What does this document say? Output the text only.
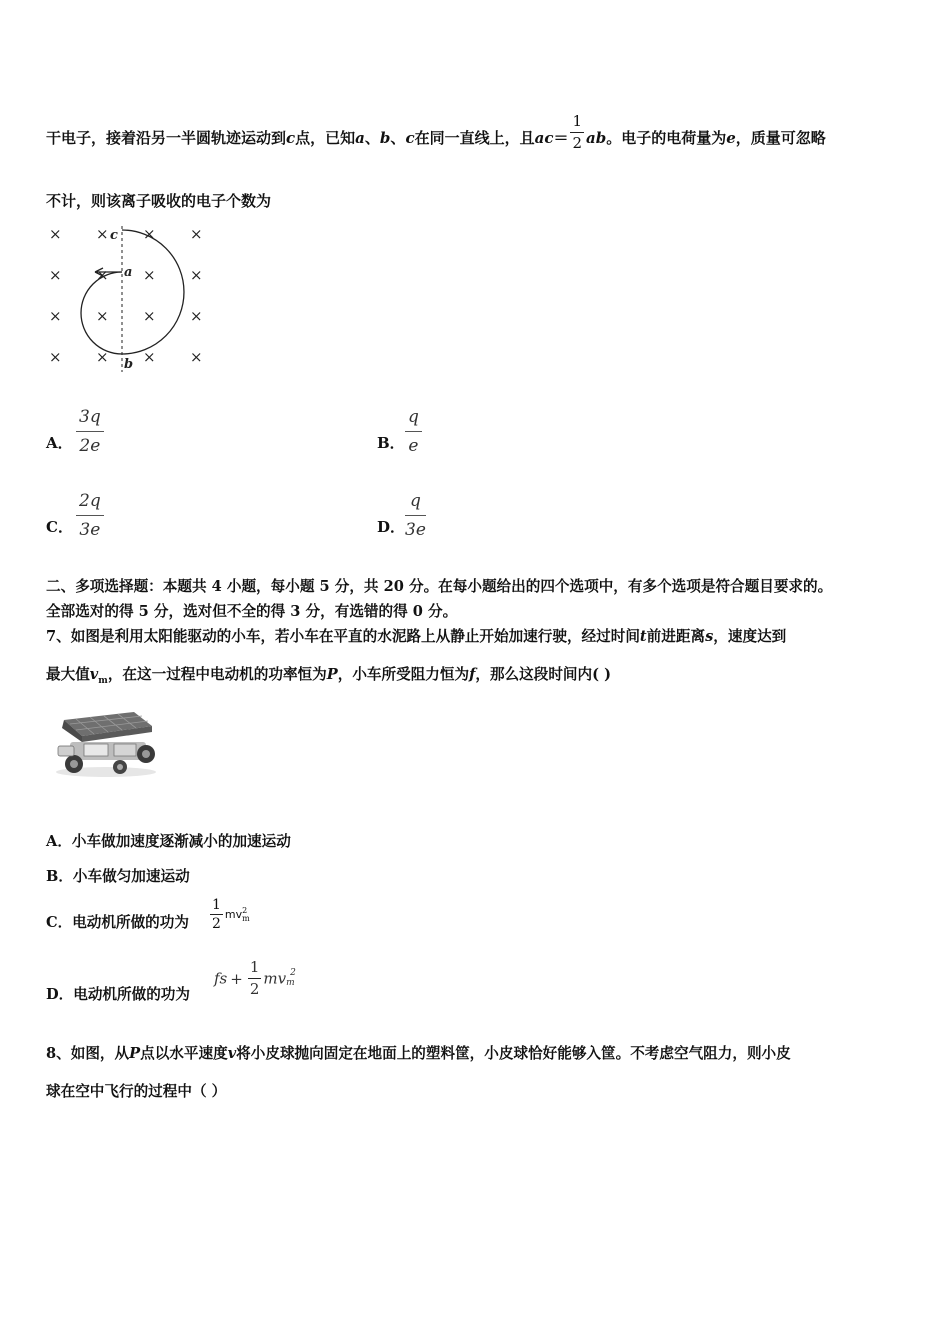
干电子，接着沿另一半圆轨迹运动到c点，已知a、b、c在同一直线上，且$ac= \frac{1}{2}$ ab。电子的电荷量为e，质量可忽略
不计，则该离子吸收的电子个数为
× × × ×
× × × ×
× × × ×
× × × ×
c
a
b
A． $\frac{3q}{2e}$	B． $\frac{q}{e}$
C． $\frac{2q}{3e}$	D． $\frac{q}{3e}$
二、多项选择题：本题共 4 小题，每小题 5 分，共 20 分。在每小题给出的四个选项中，有多个选项是符合题目要求的。
全部选对的得 5 分，选对但不全的得 3 分，有选错的得 0 分。
7、如图是利用太阳能驱动的小车，若小车在平直的水泥路上从静止开始加速行驶，经过时间t前进距离s，速度达到
最大值$v_m$，在这一过程中电动机的功率恒为P，小车所受阻力恒为f，那么这段时间内( )
A．小车做加速度逐渐减小的加速运动
B．小车做匀加速运动
C．电动机所做的功为 $\frac{1}{2}$ mv 2
m
D．电动机所做的功为
fs + $\frac{1}{2}$ mv 2
m
8、如图，从P点以水平速度v将小皮球抛向固定在地面上的塑料筐，小皮球恰好能够入筐。不考虑空气阻力，则小皮
球在空中飞行的过程中（ ）
